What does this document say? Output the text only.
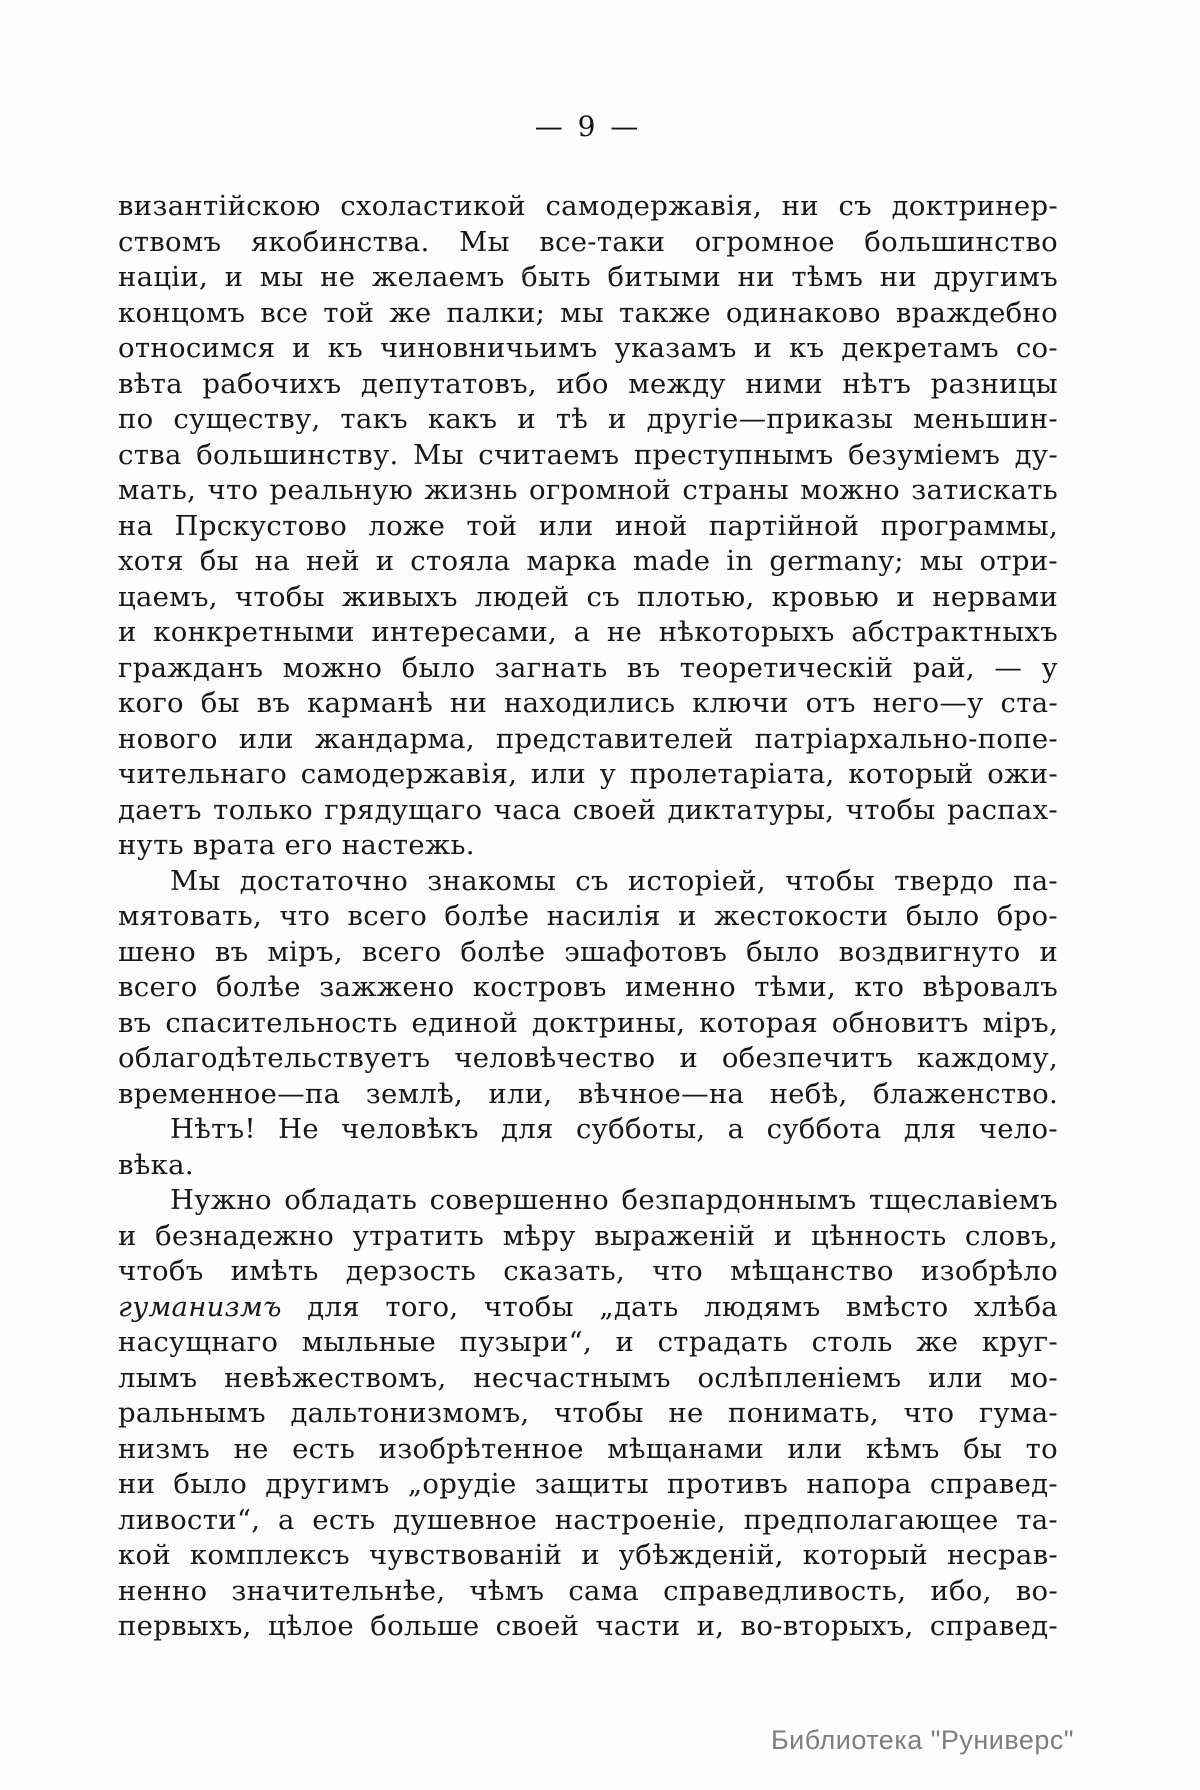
— 9 —
византійскою схоластикой самодержавія, ни съ доктринер-
ствомъ якобинства. Мы все-таки огромное большинство
націи, и мы не желаемъ быть битыми ни тѣмъ ни другимъ
концомъ все той же палки; мы также одинаково враждебно
относимся и къ чиновничьимъ указамъ и къ декретамъ со-
вѣта рабочихъ депутатовъ, ибо между ними нѣтъ разницы
по существу, такъ какъ и тѣ и другіе—приказы меньшин-
ства большинству. Мы считаемъ преступнымъ безуміемъ ду-
мать, что реальную жизнь огромной страны можно затискать
на Прскустово ложе той или иной партійной программы,
хотя бы на ней и стояла марка made in germany; мы отри-
цаемъ, чтобы живыхъ людей съ плотью, кровью и нервами
и конкретными интересами, а не нѣкоторыхъ абстрактныхъ
гражданъ можно было загнать въ теоретическій рай, — у
кого бы въ карманѣ ни находились ключи отъ него—у ста-
нового или жандарма, представителей патріархально-попе-
чительнаго самодержавія, или у пролетаріата, который ожи-
даетъ только грядущаго часа своей диктатуры, чтобы распах-
нуть врата его настежь.
Мы достаточно знакомы съ исторіей, чтобы твердо па-
мятовать, что всего болѣе насилія и жестокости было бро-
шено въ міръ, всего болѣе эшафотовъ было воздвигнуто и
всего болѣе зажжено костровъ именно тѣми, кто вѣровалъ
въ спасительность единой доктрины, которая обновитъ міръ,
облагодѣтельствуетъ человѣчество и обезпечитъ каждому,
временное—па землѣ, или, вѣчное—на небѣ, блаженство.
Нѣтъ! Не человѣкъ для субботы, а суббота для чело-
вѣка.
Нужно обладать совершенно безпардоннымъ тщеславіемъ
и безнадежно утратить мѣру выраженій и цѣнность словъ,
чтобъ имѣть дерзость сказать, что мѣщанство изобрѣло
гуманизмъ для того, чтобы „дать людямъ вмѣсто хлѣба
насущнаго мыльные пузыри“, и страдать столь же круг-
лымъ невѣжествомъ, несчастнымъ ослѣпленіемъ или мо-
ральнымъ дальтонизмомъ, чтобы не понимать, что гума-
низмъ не есть изобрѣтенное мѣщанами или кѣмъ бы то
ни было другимъ „орудіе защиты противъ напора справед-
ливости“, а есть душевное настроеніе, предполагающее та-
кой комплексъ чувствованій и убѣжденій, который несрав-
ненно значительнѣе, чѣмъ сама справедливость, ибо, во-
первыхъ, цѣлое больше своей части и, во-вторыхъ, справед-
Библиотека "Руниверс"
